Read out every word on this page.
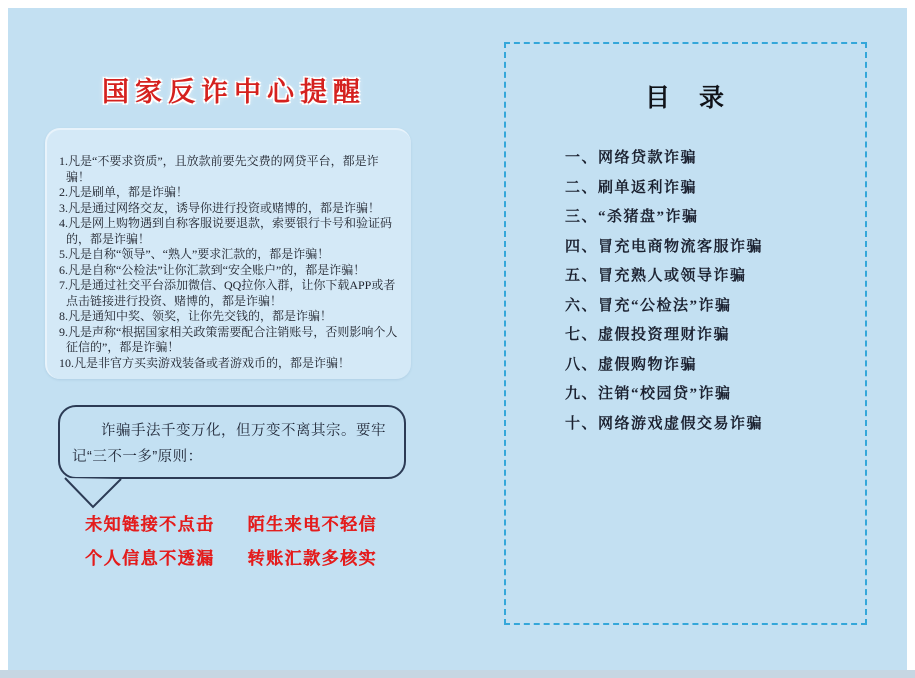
国家反诈中心提醒
1.凡是“不要求资质”，且放款前要先交费的网贷平台，都是诈骗！
2.凡是刷单，都是诈骗！
3.凡是通过网络交友，诱导你进行投资或赌博的，都是诈骗！
4.凡是网上购物遇到自称客服说要退款，索要银行卡号和验证码的，都是诈骗！
5.凡是自称“领导”、“熟人”要求汇款的，都是诈骗！
6.凡是自称“公检法”让你汇款到“安全账户”的，都是诈骗！
7.凡是通过社交平台添加微信、QQ拉你入群，让你下载APP或者点击链接进行投资、赌博的，都是诈骗！
8.凡是通知中奖、领奖，让你先交钱的，都是诈骗！
9.凡是声称“根据国家相关政策需要配合注销账号，否则影响个人征信的”，都是诈骗！
10.凡是非官方买卖游戏装备或者游戏币的，都是诈骗！

诈骗手法千变万化，但万变不离其宗。要牢记“三不一多”原则：

未知链接不点击 陌生来电不轻信
个人信息不透漏 转账汇款多核实
目　录
一、网络贷款诈骗
二、刷单返利诈骗
三、“杀猪盘”诈骗
四、冒充电商物流客服诈骗
五、冒充熟人或领导诈骗
六、冒充“公检法”诈骗
七、虚假投资理财诈骗
八、虚假购物诈骗
九、注销“校园贷”诈骗
十、网络游戏虚假交易诈骗
